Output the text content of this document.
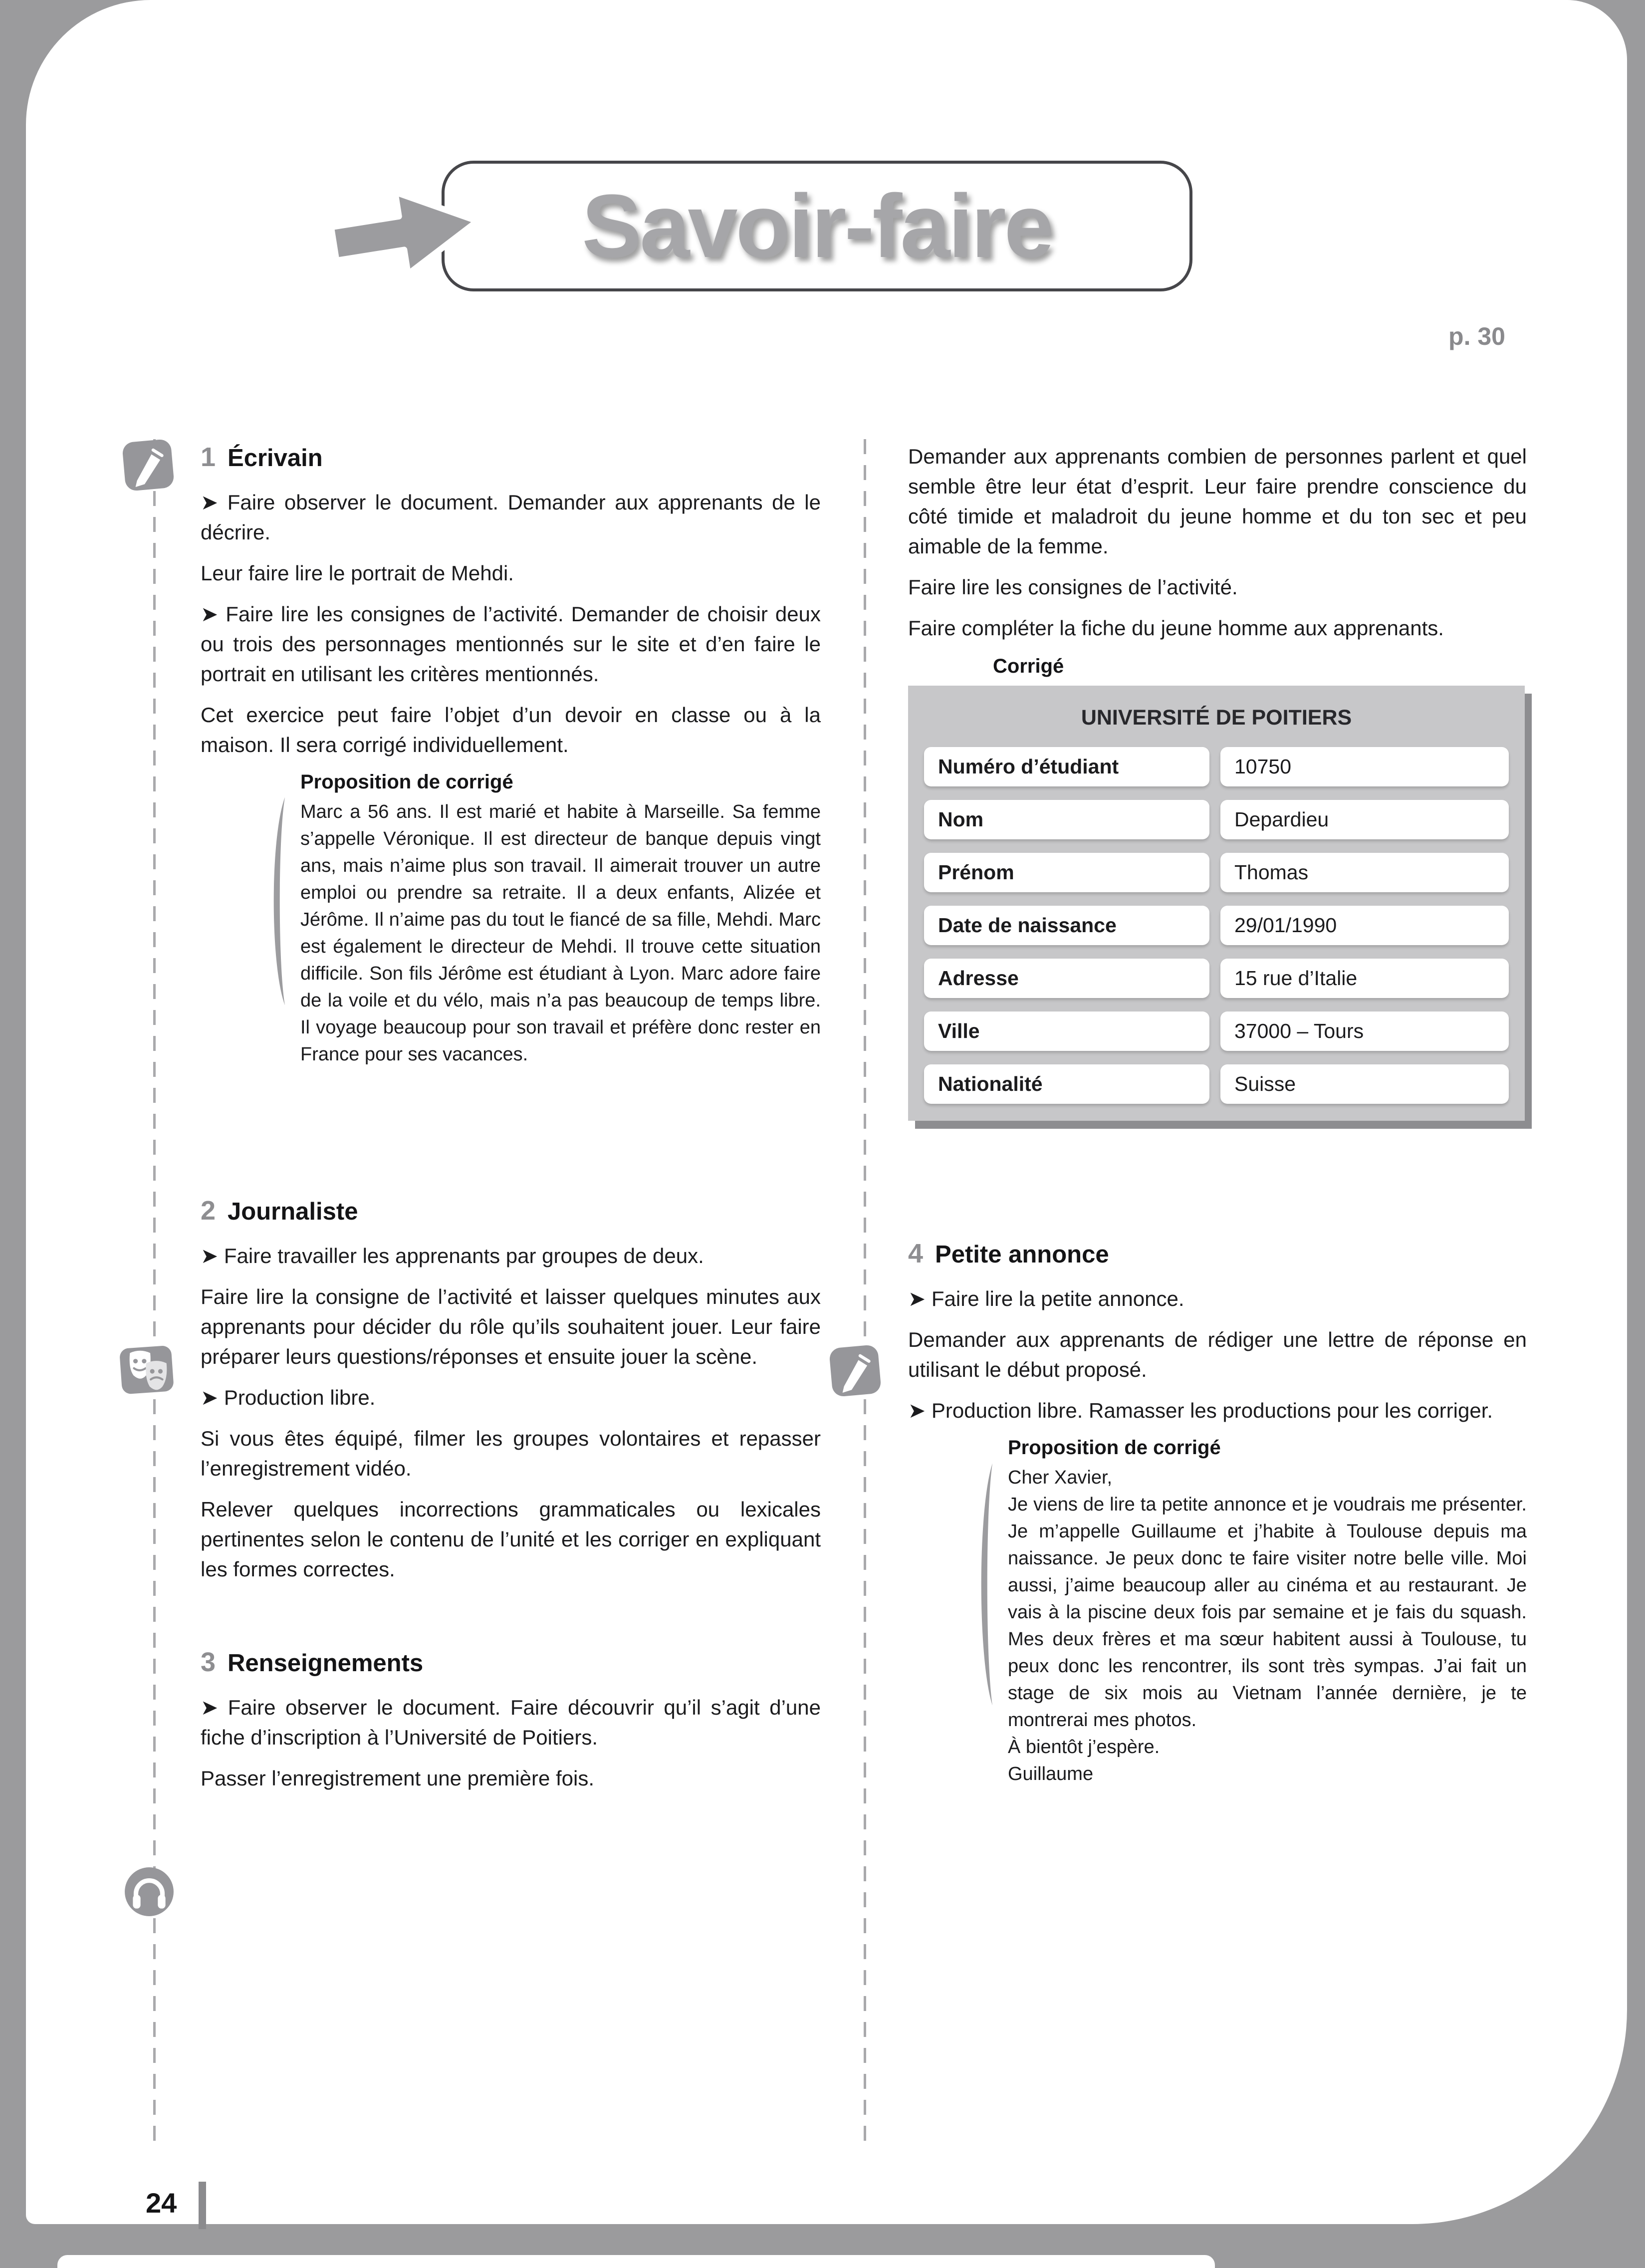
Savoir-faire
p. 30
1 Écrivain

➤ Faire observer le document. Demander aux apprenants de le décrire.

Leur faire lire le portrait de Mehdi.

➤ Faire lire les consignes de l’activité. Demander de choisir deux ou trois des personnages mentionnés sur le site et d’en faire le portrait en utilisant les critères mentionnés.

Cet exercice peut faire l’objet d’un devoir en classe ou à la maison. Il sera corrigé individuellement.

Proposition de corrigé

Marc a 56 ans. Il est marié et habite à Marseille. Sa femme s’appelle Véronique. Il est directeur de banque depuis vingt ans, mais n’aime plus son travail. Il aimerait trouver un autre emploi ou prendre sa retraite. Il a deux enfants, Alizée et Jérôme. Il n’aime pas du tout le fiancé de sa fille, Mehdi. Marc est également le directeur de Mehdi. Il trouve cette situation difficile. Son fils Jérôme est étudiant à Lyon. Marc adore faire de la voile et du vélo, mais n’a pas beaucoup de temps libre. Il voyage beaucoup pour son travail et préfère donc rester en France pour ses vacances.

2 Journaliste

➤ Faire travailler les apprenants par groupes de deux.

Faire lire la consigne de l’activité et laisser quelques minutes aux apprenants pour décider du rôle qu’ils souhaitent jouer. Leur faire préparer leurs questions/réponses et ensuite jouer la scène.

➤ Production libre.

Si vous êtes équipé, filmer les groupes volontaires et repasser l’enregistrement vidéo.

Relever quelques incorrections grammaticales ou lexicales pertinentes selon le contenu de l’unité et les corriger en expliquant les formes correctes.

3 Renseignements

➤ Faire observer le document. Faire découvrir qu’il s’agit d’une fiche d’inscription à l’Université de Poitiers.

Passer l’enregistrement une première fois.

Demander aux apprenants combien de personnes parlent et quel semble être leur état d’esprit. Leur faire prendre conscience du côté timide et maladroit du jeune homme et du ton sec et peu aimable de la femme.

Faire lire les consignes de l’activité.

Faire compléter la fiche du jeune homme aux apprenants.

Corrigé
UNIVERSITÉ DE POITIERS
Numéro d’étudiant	10750
Nom	Depardieu
Prénom	Thomas
Date de naissance	29/01/1990
Adresse	15 rue d’Italie
Ville	37000 – Tours
Nationalité	Suisse
4 Petite annonce

➤ Faire lire la petite annonce.

Demander aux apprenants de rédiger une lettre de réponse en utilisant le début proposé.

➤ Production libre. Ramasser les productions pour les corriger.

Proposition de corrigé

Cher Xavier,

Je viens de lire ta petite annonce et je voudrais me présenter. Je m’appelle Guillaume et j’habite à Toulouse depuis ma naissance. Je peux donc te faire visiter notre belle ville. Moi aussi, j’aime beaucoup aller au cinéma et au restaurant. Je vais à la piscine deux fois par semaine et je fais du squash. Mes deux frères et ma sœur habitent aussi à Toulouse, tu peux donc les rencontrer, ils sont très sympas. J’ai fait un stage de six mois au Vietnam l’année dernière, je te montrerai mes photos.

À bientôt j’espère.

Guillaume

24
